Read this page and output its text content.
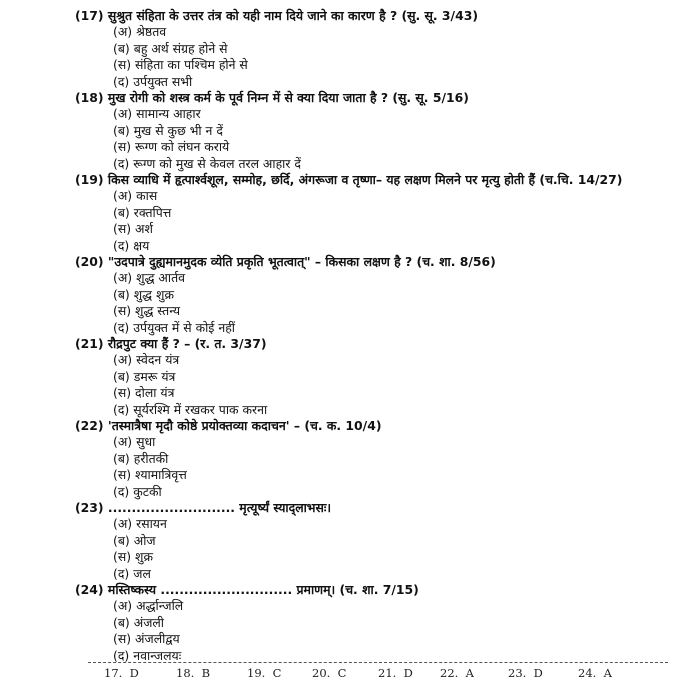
(17) सुश्रुत संहिता के उत्तर तंत्र को यही नाम दिये जाने का कारण है ? (सु. सू. 3/43)
(अ) श्रेष्ठतव
(ब) बहु अर्थ संग्रह होने से
(स) संहिता का पश्चिम होने से
(द) उर्पयुक्त सभी
(18) मुख रोगी को शस्त्र कर्म के पूर्व निम्न में से क्या दिया जाता है ? (सु. सू. 5/16)
(अ) सामान्य आहार
(ब) मुख से कुछ भी न दें
(स) रूग्ण को लंघन कराये
(द) रूग्ण को मुख से केवल तरल आहार दें
(19) किस व्याधि में हृत्पार्श्वशूल, सम्मोह, छर्दि, अंगरूजा व तृष्णा– यह लक्षण मिलने पर मृत्यु होती हैं (च.चि. 14/27)
(अ) कास
(ब) रक्तपित्त
(स) अर्श
(द) क्षय
(20) "उदपात्रे दुह्यमानमुदक व्येति प्रकृति भूतत्वात्" – किसका लक्षण है ? (च. शा. 8/56)
(अ) शुद्ध आर्तव
(ब) शुद्ध शुक्र
(स) शुद्ध स्तन्य
(द) उर्पयुक्त में से कोई नहीं
(21) रौद्रपुट क्या हैं ? – (र. त. 3/37)
(अ) स्वेदन यंत्र
(ब) डमरू यंत्र
(स) दोला यंत्र
(द) सूर्यरश्मि में रखकर पाक करना
(22) 'तस्मात्रैषा मृदौ कोष्ठे प्रयोक्तव्या कदाचन' – (च. क. 10/4)
(अ) सुधा
(ब) हरीतकी
(स) श्यामात्रिवृत्त
(द) कुटकी
(23) ........................... मृत्यूर्ष्यं स्याद्लाभसः।
(अ) रसायन
(ब) ओज
(स) शुक्र
(द) जल
(24) मस्तिष्कस्य ............................ प्रमाणम्। (च. शा. 7/15)
(अ) अर्द्धान्जलि
(ब) अंजली
(स) अंजलीद्वय
(द) नवान्जलयः
17. D	18. B	19. C	20. C	21. D 22. A	23. D	24. A
